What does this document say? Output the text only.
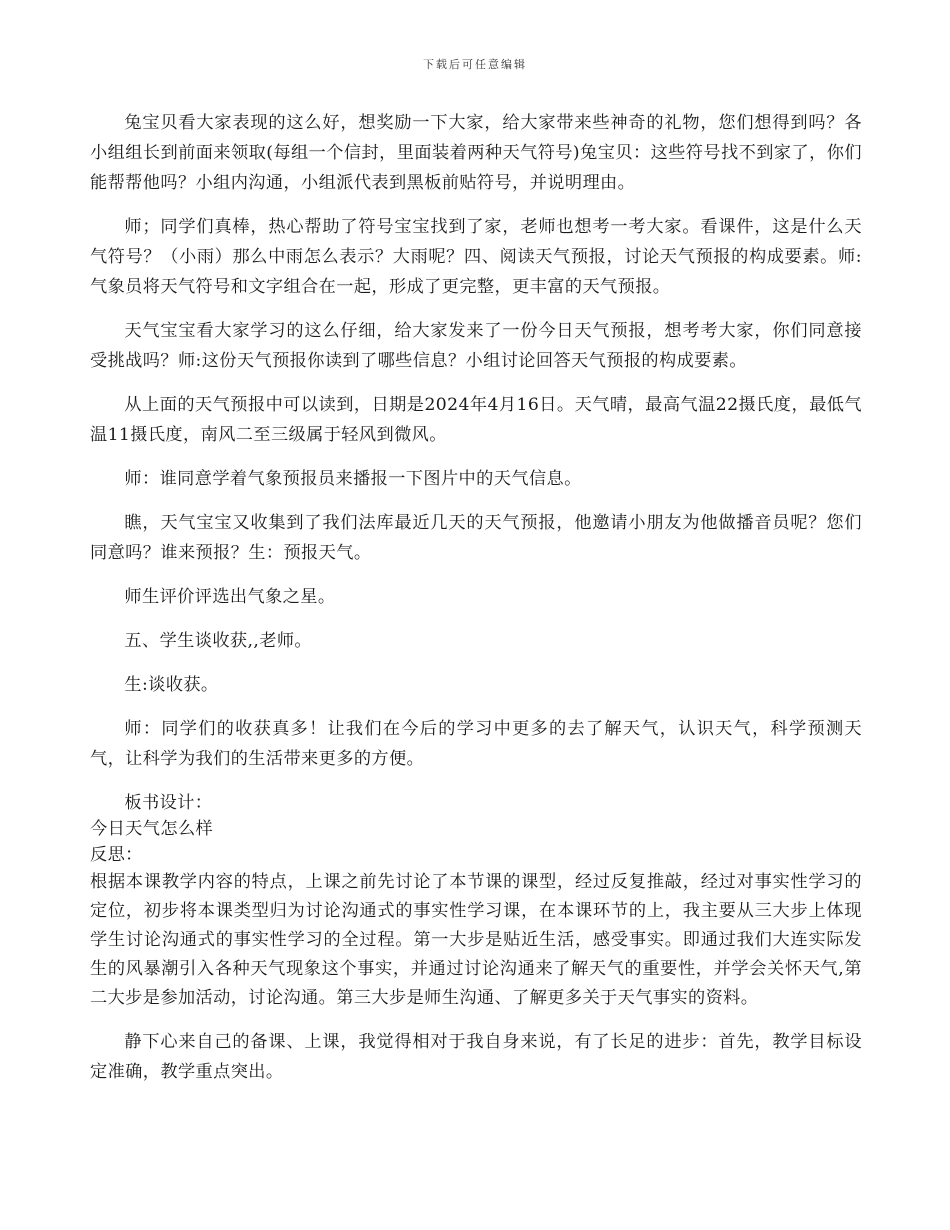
下载后可任意编辑

兔宝贝看大家表现的这么好，想奖励一下大家，给大家带来些神奇的礼物，您们想得到吗？各小组组长到前面来领取(每组一个信封，里面装着两种天气符号)兔宝贝：这些符号找不到家了，你们能帮帮他吗？小组内沟通，小组派代表到黑板前贴符号，并说明理由。

师；同学们真棒，热心帮助了符号宝宝找到了家，老师也想考一考大家。看课件，这是什么天气符号？（小雨）那么中雨怎么表示？大雨呢？四、阅读天气预报，讨论天气预报的构成要素。师:气象员将天气符号和文字组合在一起，形成了更完整，更丰富的天气预报。

天气宝宝看大家学习的这么仔细，给大家发来了一份今日天气预报，想考考大家，你们同意接受挑战吗？师:这份天气预报你读到了哪些信息？小组讨论回答天气预报的构成要素。

从上面的天气预报中可以读到，日期是2024年4月16日。天气晴，最高气温22摄氏度，最低气温11摄氏度，南风二至三级属于轻风到微风。

师：谁同意学着气象预报员来播报一下图片中的天气信息。

瞧，天气宝宝又收集到了我们法库最近几天的天气预报，他邀请小朋友为他做播音员呢？您们同意吗？谁来预报？生：预报天气。

师生评价评选出气象之星。

五、学生谈收获,,老师。

生:谈收获。

师：同学们的收获真多！让我们在今后的学习中更多的去了解天气，认识天气，科学预测天气，让科学为我们的生活带来更多的方便。

板书设计：

今日天气怎么样

反思：

根据本课教学内容的特点，上课之前先讨论了本节课的课型，经过反复推敲，经过对事实性学习的定位，初步将本课类型归为讨论沟通式的事实性学习课，在本课环节的上，我主要从三大步上体现学生讨论沟通式的事实性学习的全过程。第一大步是贴近生活，感受事实。即通过我们大连实际发生的风暴潮引入各种天气现象这个事实，并通过讨论沟通来了解天气的重要性，并学会关怀天气,第二大步是参加活动，讨论沟通。第三大步是师生沟通、了解更多关于天气事实的资料。

静下心来自己的备课、上课，我觉得相对于我自身来说，有了长足的进步：首先，教学目标设定准确，教学重点突出。
